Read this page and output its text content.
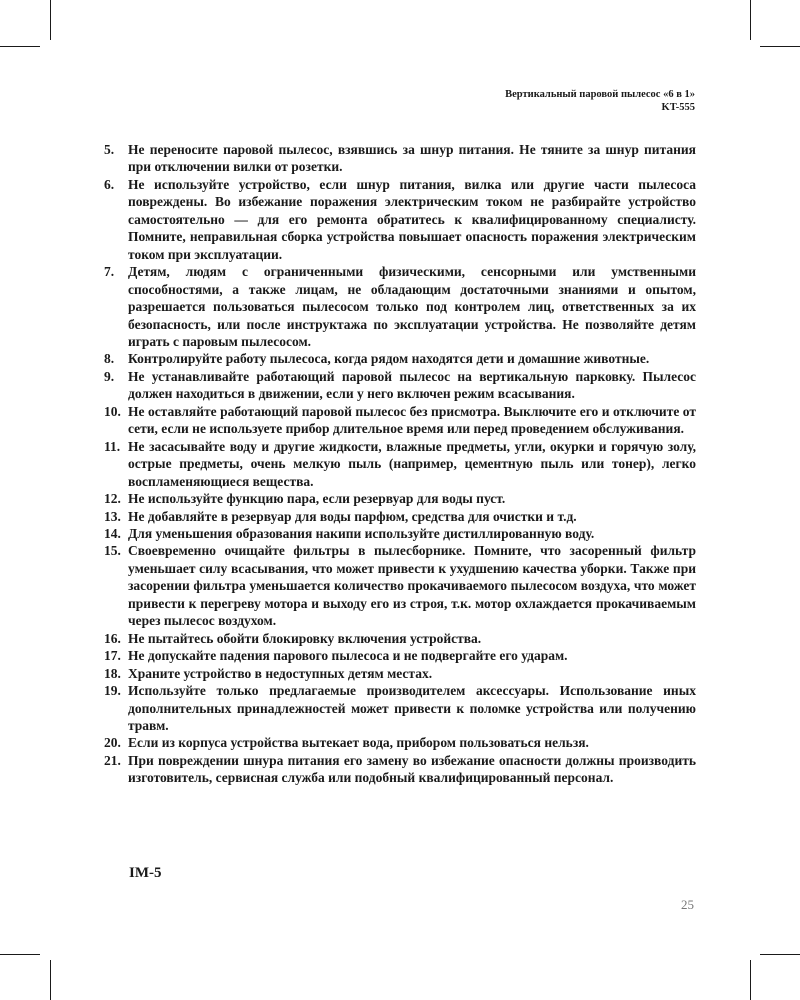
Вертикальный паровой пылесос «6 в 1»
KT-555
5.	Не переносите паровой пылесос, взявшись за шнур питания. Не тяните за шнур питания при отключении вилки от розетки.
6.	Не используйте устройство, если шнур питания, вилка или другие части пылесоса повреждены. Во избежание поражения электрическим током не разбирайте устройство самостоятельно — для его ремонта обратитесь к квалифицированному специалисту. Помните, неправильная сборка устройства повышает опасность поражения электрическим током при эксплуатации.
7.	Детям, людям с ограниченными физическими, сенсорными или умственными способностями, а также лицам, не обладающим достаточными знаниями и опытом, разрешается пользоваться пылесосом только под контролем лиц, ответственных за их безопасность, или после инструктажа по эксплуатации устройства. Не позволяйте детям играть с паровым пылесосом.
8.	Контролируйте работу пылесоса, когда рядом находятся дети и домашние животные.
9.	Не устанавливайте работающий паровой пылесос на вертикальную парковку. Пылесос должен находиться в движении, если у него включен режим всасывания.
10. Не оставляйте работающий паровой пылесос без присмотра. Выключите его и отключите от сети, если не используете прибор длительное время или перед проведением обслуживания.
11. Не засасывайте воду и другие жидкости, влажные предметы, угли, окурки и горячую золу, острые предметы, очень мелкую пыль (например, цементную пыль или тонер), легко воспламеняющиеся вещества.
12. Не используйте функцию пара, если резервуар для воды пуст.
13. Не добавляйте в резервуар для воды парфюм, средства для очистки и т.д.
14. Для уменьшения образования накипи используйте дистиллированную воду.
15. Своевременно очищайте фильтры в пылесборнике. Помните, что засоренный фильтр уменьшает силу всасывания, что может привести к ухудшению качества уборки. Также при засорении фильтра уменьшается количество прокачиваемого пылесосом воздуха, что может привести к перегреву мотора и выходу его из строя, т.к. мотор охлаждается прокачиваемым через пылесос воздухом.
16. Не пытайтесь обойти блокировку включения устройства.
17. Не допускайте падения парового пылесоса и не подвергайте его ударам.
18. Храните устройство в недоступных детям местах.
19. Используйте только предлагаемые производителем аксессуары. Использование иных дополнительных принадлежностей может привести к поломке устройства или получению травм.
20. Если из корпуса устройства вытекает вода, прибором пользоваться нельзя.
21. При повреждении шнура питания его замену во избежание опасности должны производить изготовитель, сервисная служба или подобный квалифицированный персонал.
IM-5
25
